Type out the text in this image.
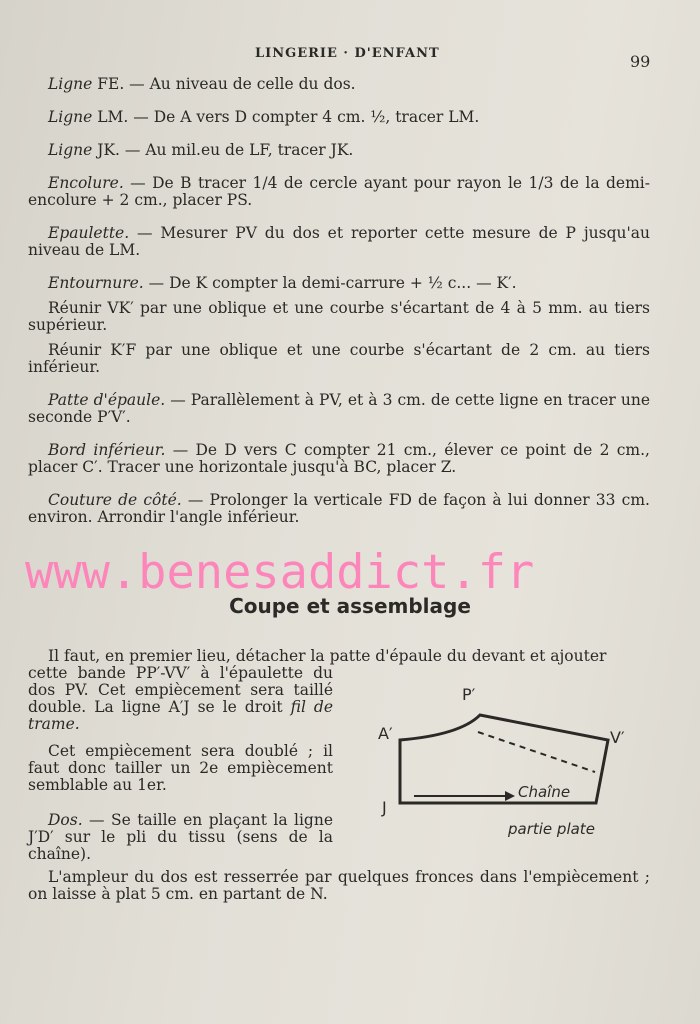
LINGERIE · D'ENFANT	99

Ligne FE. — Au niveau de celle du dos.

Ligne LM. — De A vers D compter 4 cm. ½, tracer LM.

Ligne JK. — Au mil.eu de LF, tracer JK.

Encolure. — De B tracer 1/4 de cercle ayant pour rayon le 1/3 de la demi-encolure + 2 cm., placer PS.

Epaulette. — Mesurer PV du dos et reporter cette mesure de P jusqu'au niveau de LM.

Entournure. — De K compter la demi-carrure + ½ c... — K′.

Réunir VK′ par une oblique et une courbe s'écartant de 4 à 5 mm. au tiers supérieur.

Réunir K′F par une oblique et une courbe s'écartant de 2 cm. au tiers inférieur.

Patte d'épaule. — Parallèlement à PV, et à 3 cm. de cette ligne en tracer une seconde P′V′.

Bord inférieur. — De D vers C compter 21 cm., élever ce point de 2 cm., placer C′. Tracer une horizontale jusqu'à BC, placer Z.

Couture de côté. — Prolonger la verticale FD de façon à lui donner 33 cm. environ. Arrondir l'angle inférieur.

www.benesaddict.fr
Coupe et assemblage
Il faut, en premier lieu, détacher la patte d'épaule du devant et ajouter
cette bande PP′-VV′ à l'épaulette du dos PV. Cet empiècement sera taillé double. La ligne A′J se le droit fil de trame.
Cet empiècement sera doublé ; il faut donc tailler un 2e empiècement semblable au 1er.
Dos. — Se taille en plaçant la ligne J′D′ sur le pli du tissu (sens de la chaîne).
L'ampleur du dos est resserrée par quelques fronces dans l'empiècement ; on laisse à plat 5 cm. en partant de N.
P′
A′	V′
J
Chaîne
partie plate
